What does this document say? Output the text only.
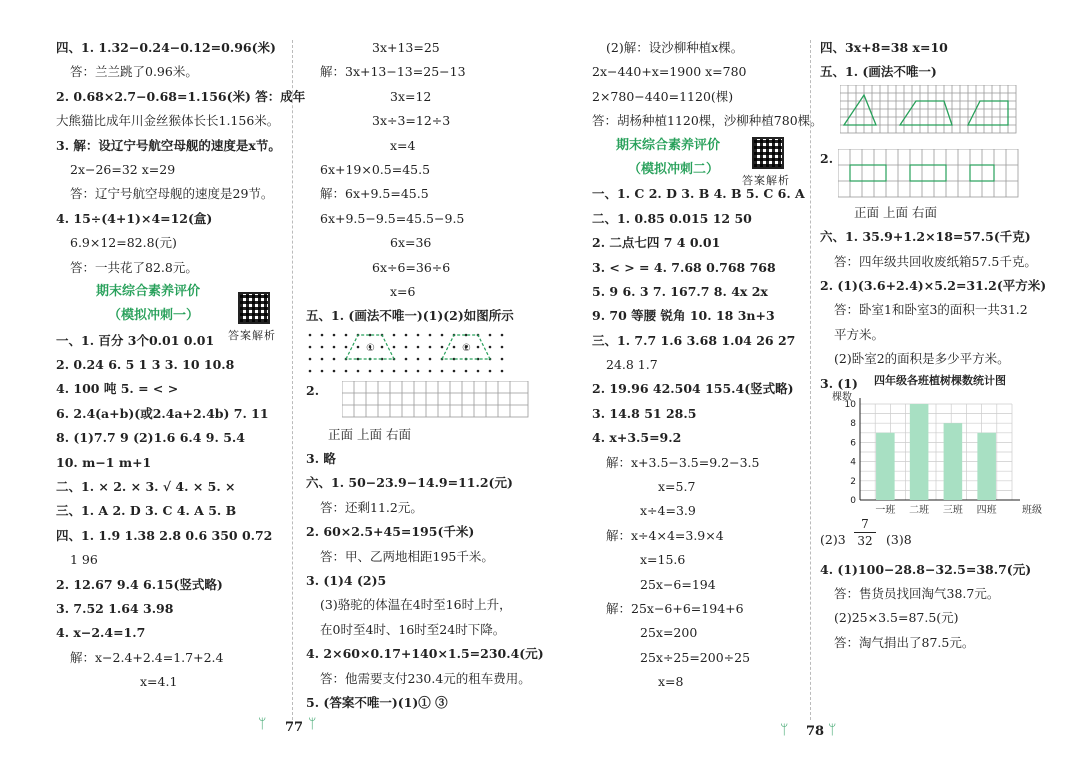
四、1. 1.32−0.24−0.12=0.96(米)
答：兰兰跳了0.96米。
2. 0.68×2.7−0.68=1.156(米) 答：成年
大熊猫比成年川金丝猴体长长1.156米。
3. 解：设辽宁号航空母舰的速度是x节。
2x−26=32 x=29
答：辽宁号航空母舰的速度是29节。
4. 15÷(4+1)×4=12(盒)
6.9×12=82.8(元)
答：一共花了82.8元。
期末综合素养评价
（模拟冲刺一）
一、1. 百分 3个0.01 0.01
2. 0.24 6. 5 1 3 3. 10 10.8
4. 100 吨 5. = < >
6. 2.4(a+b)(或2.4a+2.4b) 7. 11
8. (1)7.7 9 (2)1.6 6.4 9. 5.4
10. m−1 m+1
二、1. × 2. × 3. √ 4. × 5. ×
三、1. A 2. D 3. C 4. A 5. B
四、1. 1.9 1.38 2.8 0.6 350 0.72
1 96
2. 12.67 9.4 6.15(竖式略)
3. 7.52 1.64 3.98
4. x−2.4=1.7
解：x−2.4+2.4=1.7+2.4
x=4.1
答案解析
3x+13=25
解：3x+13−13=25−13
3x=12
3x÷3=12÷3
x=4
6x+19×0.5=45.5
解：6x+9.5=45.5
6x+9.5−9.5=45.5−9.5
6x=36
6x÷6=36÷6
x=6
五、1. (画法不唯一)(1)(2)如图所示
①	②
2.
正面 上面 右面
3. 略
六、1. 50−23.9−14.9=11.2(元)
答：还剩11.2元。
2. 60×2.5+45=195(千米)
答：甲、乙两地相距195千米。
3. (1)4 (2)5
(3)骆驼的体温在4时至16时上升，
在0时至4时、16时至24时下降。
4. 2×60×0.17+140×1.5=230.4(元)
答：他需要支付230.4元的租车费用。
5. (答案不唯一)(1)① ③
ᛘ 77 ᛘ
(2)解：设沙柳种植x棵。
2x−440+x=1900 x=780
2×780−440=1120(棵)
答：胡杨种植1120棵，沙柳种植780棵。
期末综合素养评价
（模拟冲刺二）
一、1. C 2. D 3. B 4. B 5. C 6. A
二、1. 0.85 0.015 12 50
2. 二点七四 7 4 0.01
3. < > = 4. 7.68 0.768 768
5. 9 6. 3 7. 167.7 8. 4x 2x
9. 70 等腰 锐角 10. 18 3n+3
三、1. 7.7 1.6 3.68 1.04 26 27
24.8 1.7
2. 19.96 42.504 155.4(竖式略)
3. 14.8 51 28.5
4. x+3.5=9.2
解：x+3.5−3.5=9.2−3.5
x=5.7
x÷4=3.9
解：x÷4×4=3.9×4
x=15.6
25x−6=194
解：25x−6+6=194+6
25x=200
25x÷25=200÷25
x=8
答案解析
四、3x+8=38 x=10
五、1. (画法不唯一)
2.
正面 上面 右面
六、1. 35.9+1.2×18=57.5(千克)
答：四年级共回收废纸箱57.5千克。
2. (1)(3.6+2.4)×5.2=31.2(平方米)
答：卧室1和卧室3的面积一共31.2
平方米。
(2)卧室2的面积是多少平方米。
3. (1) 四年级各班植树棵数统计图
棵数
0
2
4
6
8
10
一班 二班 三班 四班	班级
$(2)3 \frac{7}{32} (3)8$
4. (1)100−28.8−32.5=38.7(元)
答：售货员找回淘气38.7元。
(2)25×3.5=87.5(元)
答：淘气捐出了87.5元。
ᛘ 78 ᛘ
